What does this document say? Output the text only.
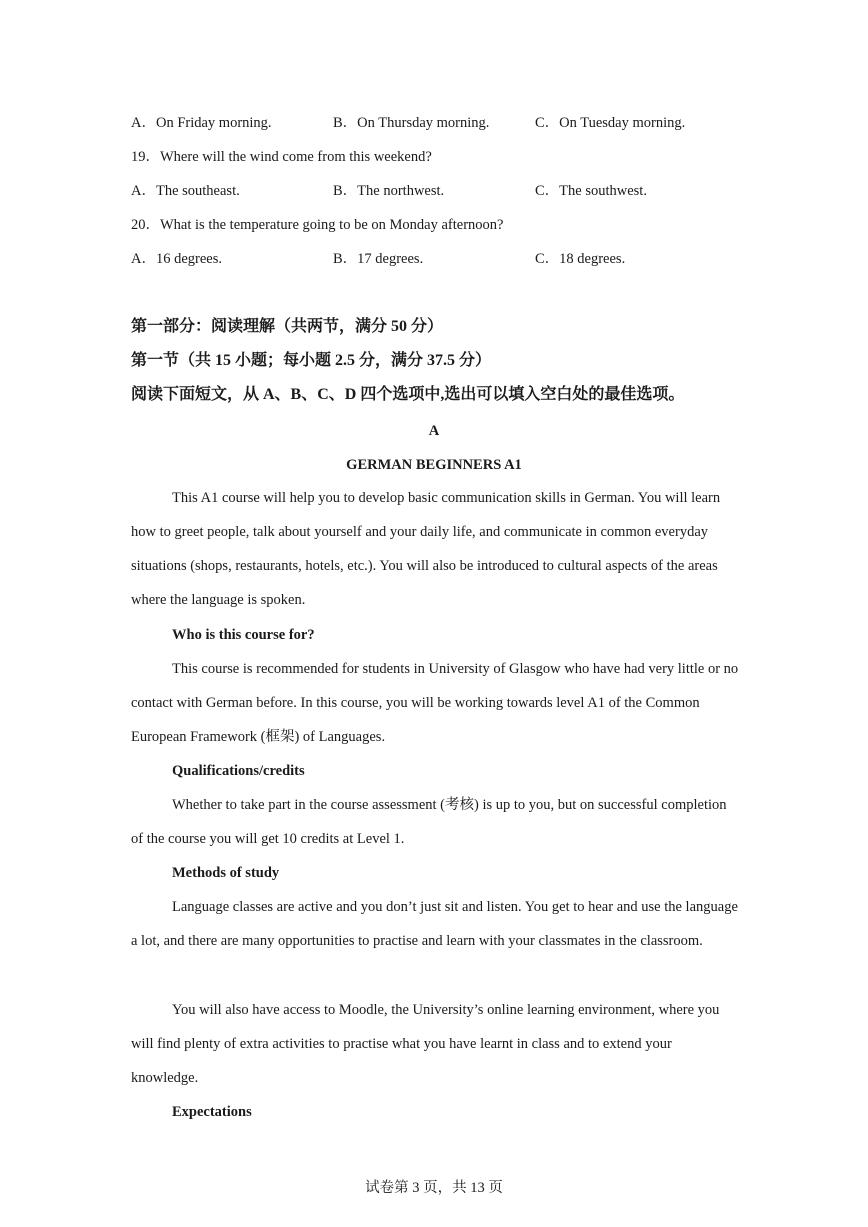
A．On Friday morning.	B．On Thursday morning.	C．On Tuesday morning.
19．Where will the wind come from this weekend?
A．The southeast.	B．The northwest.	C．The southwest.
20．What is the temperature going to be on Monday afternoon?
A．16 degrees.	B．17 degrees.	C．18 degrees.
第一部分：阅读理解（共两节，满分 50 分）
第一节（共 15 小题；每小题 2.5 分，满分 37.5 分）
阅读下面短文，从 A、B、C、D 四个选项中,选出可以填入空白处的最佳选项。
A
GERMAN BEGINNERS A1

This A1 course will help you to develop basic communication skills in German. You will learn how to greet people, talk about yourself and your daily life, and communicate in common everyday situations (shops, restaurants, hotels, etc.). You will also be introduced to cultural aspects of the areas where the language is spoken.

Who is this course for?

This course is recommended for students in University of Glasgow who have had very little or no contact with German before. In this course, you will be working towards level A1 of the Common European Framework (框架) of Languages.

Qualifications/credits

Whether to take part in the course assessment (考核) is up to you, but on successful completion of the course you will get 10 credits at Level 1.

Methods of study

Language classes are active and you don’t just sit and listen. You get to hear and use the language a lot, and there are many opportunities to practise and learn with your classmates in the classroom.

You will also have access to Moodle, the University’s online learning environment, where you will find plenty of extra activities to practise what you have learnt in class and to extend your knowledge.

Expectations
试卷第 3 页，共 13 页
